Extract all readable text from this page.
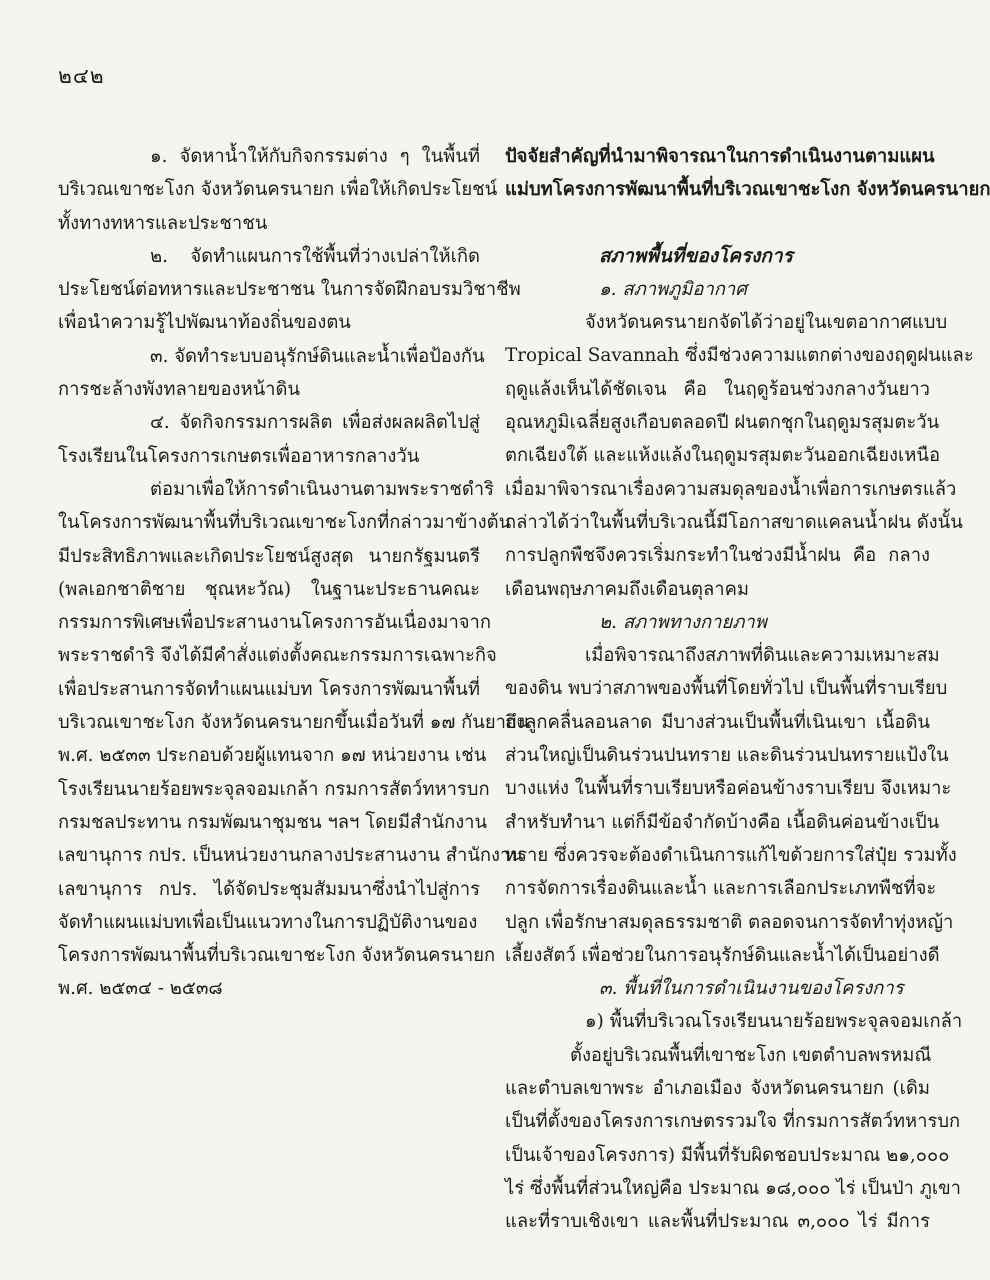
๒๔๒
๑. จัดหาน้ำให้กับกิจกรรมต่าง ๆ ในพื้นที่
บริเวณเขาชะโงก จังหวัดนครนายก เพื่อให้เกิดประโยชน์
ทั้งทางทหารและประชาชน
๒. จัดทำแผนการใช้พื้นที่ว่างเปล่าให้เกิด
ประโยชน์ต่อทหารและประชาชน ในการจัดฝึกอบรมวิชาชีพ
เพื่อนำความรู้ไปพัฒนาท้องถิ่นของตน
๓. จัดทำระบบอนุรักษ์ดินและน้ำเพื่อป้องกัน
การชะล้างพังทลายของหน้าดิน
๔. จัดกิจกรรมการผลิต เพื่อส่งผลผลิตไปสู่
โรงเรียนในโครงการเกษตรเพื่ออาหารกลางวัน
ต่อมาเพื่อให้การดำเนินงานตามพระราชดำริ
ในโครงการพัฒนาพื้นที่บริเวณเขาชะโงกที่กล่าวมาข้างต้น
มีประสิทธิภาพและเกิดประโยชน์สูงสุด นายกรัฐมนตรี
(พลเอกชาติชาย ชุณหะวัณ) ในฐานะประธานคณะ
กรรมการพิเศษเพื่อประสานงานโครงการอันเนื่องมาจาก
พระราชดำริ จึงได้มีคำสั่งแต่งตั้งคณะกรรมการเฉพาะกิจ
เพื่อประสานการจัดทำแผนแม่บท โครงการพัฒนาพื้นที่
บริเวณเขาชะโงก จังหวัดนครนายกขึ้นเมื่อวันที่ ๑๗ กันยายน
พ.ศ. ๒๕๓๓ ประกอบด้วยผู้แทนจาก ๑๗ หน่วยงาน เช่น
โรงเรียนนายร้อยพระจุลจอมเกล้า กรมการสัตว์ทหารบก
กรมชลประทาน กรมพัฒนาชุมชน ฯลฯ โดยมีสำนักงาน
เลขานุการ กปร. เป็นหน่วยงานกลางประสานงาน สำนักงาน
เลขานุการ กปร. ได้จัดประชุมสัมมนาซึ่งนำไปสู่การ
จัดทำแผนแม่บทเพื่อเป็นแนวทางในการปฏิบัติงานของ
โครงการพัฒนาพื้นที่บริเวณเขาชะโงก จังหวัดนครนายก
พ.ศ. ๒๕๓๔ - ๒๕๓๘
ปัจจัยสำคัญที่นำมาพิจารณาในการดำเนินงานตามแผน
แม่บทโครงการพัฒนาพื้นที่บริเวณเขาชะโงก จังหวัดนครนายก
สภาพพื้นที่ของโครงการ
๑. สภาพภูมิอากาศ
จังหวัดนครนายกจัดได้ว่าอยู่ในเขตอากาศแบบ
Tropical Savannah ซึ่งมีช่วงความแตกต่างของฤดูฝนและ
ฤดูแล้งเห็นได้ชัดเจน คือ ในฤดูร้อนช่วงกลางวันยาว
อุณหภูมิเฉลี่ยสูงเกือบตลอดปี ฝนตกชุกในฤดูมรสุมตะวัน
ตกเฉียงใต้ และแห้งแล้งในฤดูมรสุมตะวันออกเฉียงเหนือ
เมื่อมาพิจารณาเรื่องความสมดุลของน้ำเพื่อการเกษตรแล้ว
กล่าวได้ว่าในพื้นที่บริเวณนี้มีโอกาสขาดแคลนน้ำฝน ดังนั้น
การปลูกพืชจึงควรเริ่มกระทำในช่วงมีน้ำฝน คือ กลาง
เดือนพฤษภาคมถึงเดือนตุลาคม
๒. สภาพทางกายภาพ
เมื่อพิจารณาถึงสภาพที่ดินและความเหมาะสม
ของดิน พบว่าสภาพของพื้นที่โดยทั่วไป เป็นพื้นที่ราบเรียบ
ถึงลูกคลื่นลอนลาด มีบางส่วนเป็นพื้นที่เนินเขา เนื้อดิน
ส่วนใหญ่เป็นดินร่วนปนทราย และดินร่วนปนทรายแป้งใน
บางแห่ง ในพื้นที่ราบเรียบหรือค่อนข้างราบเรียบ จึงเหมาะ
สำหรับทำนา แต่ก็มีข้อจำกัดบ้างคือ เนื้อดินค่อนข้างเป็น
ทราย ซึ่งควรจะต้องดำเนินการแก้ไขด้วยการใส่ปุ๋ย รวมทั้ง
การจัดการเรื่องดินและน้ำ และการเลือกประเภทพืชที่จะ
ปลูก เพื่อรักษาสมดุลธรรมชาติ ตลอดจนการจัดทำทุ่งหญ้า
เลี้ยงสัตว์ เพื่อช่วยในการอนุรักษ์ดินและน้ำได้เป็นอย่างดี
๓. พื้นที่ในการดำเนินงานของโครงการ
๑) พื้นที่บริเวณโรงเรียนนายร้อยพระจุลจอมเกล้า
ตั้งอยู่บริเวณพื้นที่เขาชะโงก เขตตำบลพรหมณี
และตำบลเขาพระ อำเภอเมือง จังหวัดนครนายก (เดิม
เป็นที่ตั้งของโครงการเกษตรรวมใจ ที่กรมการสัตว์ทหารบก
เป็นเจ้าของโครงการ) มีพื้นที่รับผิดชอบประมาณ ๒๑,๐๐๐
ไร่ ซึ่งพื้นที่ส่วนใหญ่คือ ประมาณ ๑๘,๐๐๐ ไร่ เป็นป่า ภูเขา
และที่ราบเชิงเขา และพื้นที่ประมาณ ๓,๐๐๐ ไร่ มีการ
